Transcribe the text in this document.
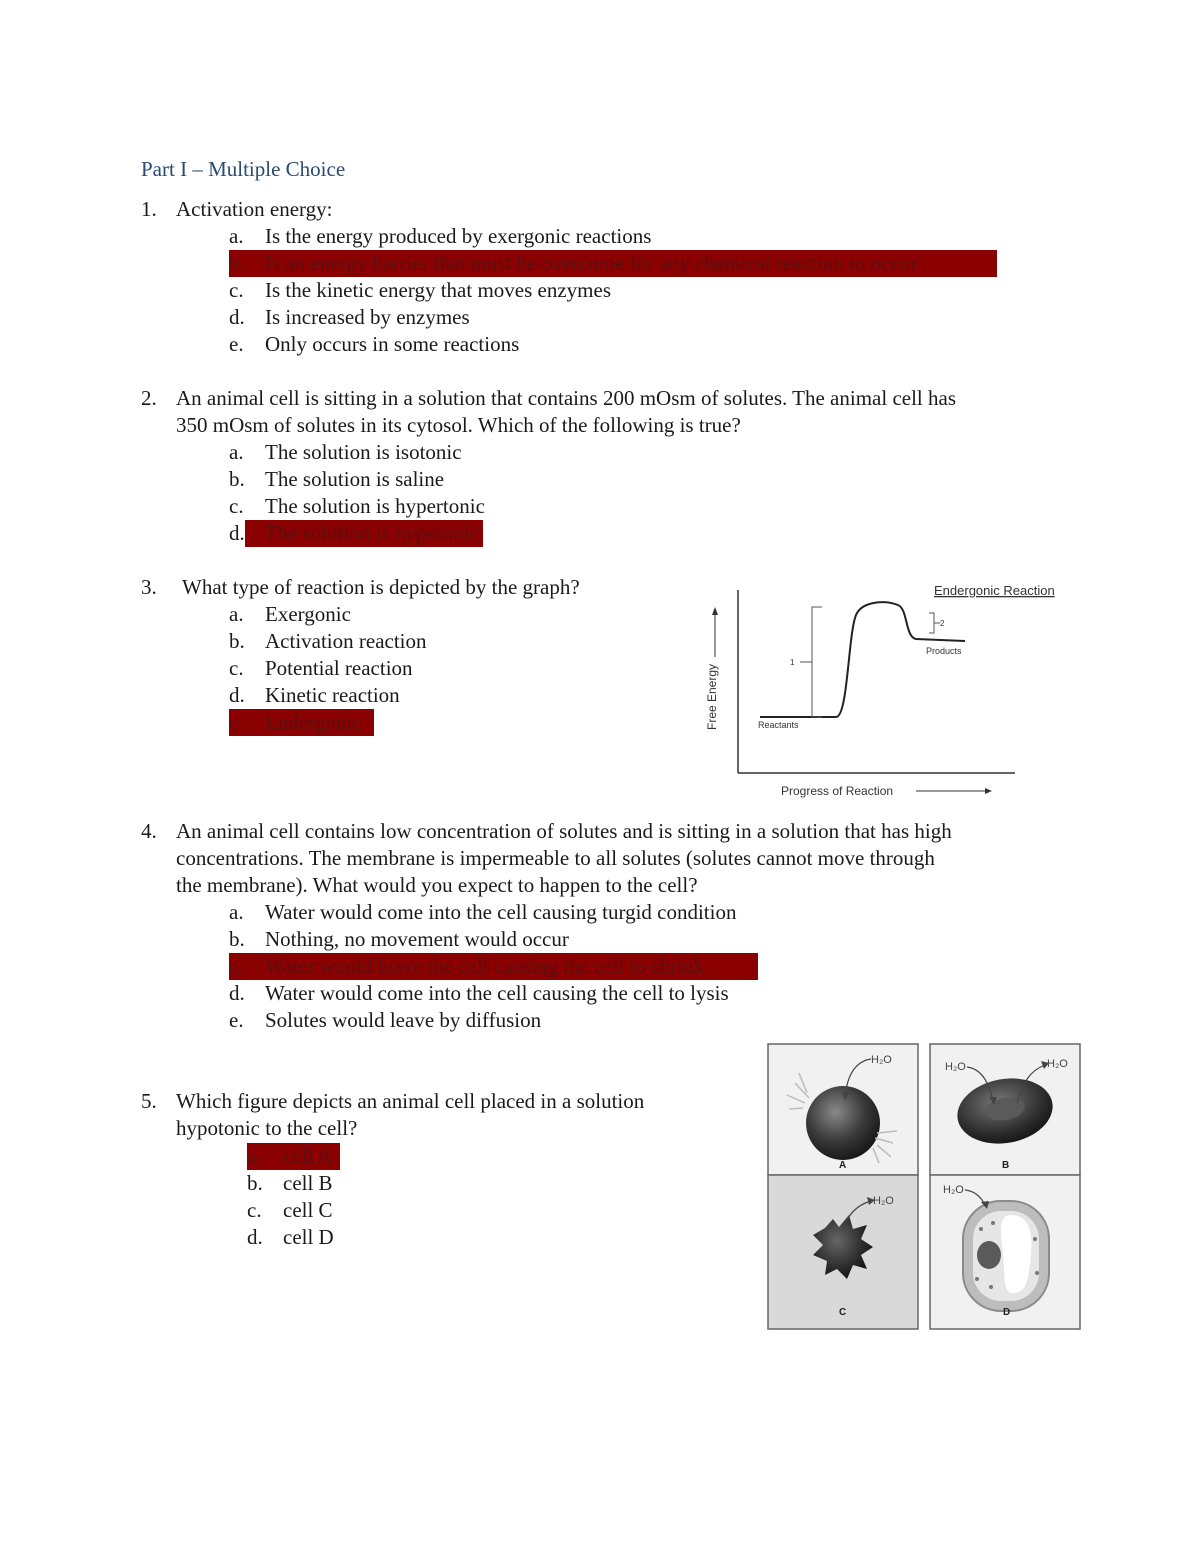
Part I – Multiple Choice
1. Activation energy:
a. Is the energy produced by exergonic reactions
b. Is an energy barrier that must be overcome for any chemical reaction to occur
c. Is the kinetic energy that moves enzymes
d. Is increased by enzymes
e. Only occurs in some reactions
2. An animal cell is sitting in a solution that contains 200 mOsm of solutes. The animal cell has
350 mOsm of solutes in its cytosol. Which of the following is true?
a. The solution is isotonic
b. The solution is saline
c. The solution is hypertonic
d. The solution is hypotonic
3. What type of reaction is depicted by the graph?
a. Exergonic
b. Activation reaction
c. Potential reaction
d. Kinetic reaction
e. Endergonic
Endergonic Reaction
Free Energy
Progress of Reaction
1
2
Products
Reactants
4. An animal cell contains low concentration of solutes and is sitting in a solution that has high
concentrations. The membrane is impermeable to all solutes (solutes cannot move through
the membrane). What would you expect to happen to the cell?
a. Water would come into the cell causing turgid condition
b. Nothing, no movement would occur
c. Water would leave the cell causing the cell to shrink
d. Water would come into the cell causing the cell to lysis
e. Solutes would leave by diffusion
5. Which figure depicts an animal cell placed in a solution
hypotonic to the cell?
a. cell A
b. cell B
c. cell C
d. cell D
H₂O
A
H₂O	H₂O
B
H₂O
C
H₂O
D
